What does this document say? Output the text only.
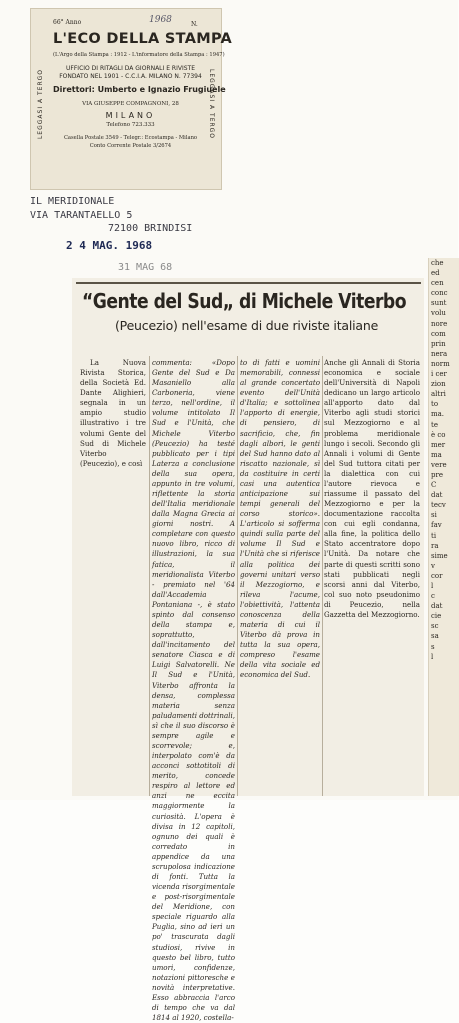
66° Anno	1968	N.
L'ECO DELLA STAMPA
(L'Argo della Stampa : 1912 - L'informatore della Stampa : 1947)
UFFICIO DI RITAGLI DA GIORNALI E RIVISTE
FONDATO NEL 1901 - C.C.I.A. MILANO N. 77394
Direttori: Umberto e Ignazio Frugiuele
VIA GIUSEPPE COMPAGNONI, 28
MILANO
Telefono 723.333
Casella Postale 3549 - Telegr.: Ecostampa - Milano
Conto Corrente Postale 3/2674
LEGGASI A TERGO	LEGGASI A TERGO
IL MERIDIONALE
VIA TARANTAELLO 5
72100 BRINDISI
2 4 MAG. 1968
31 MAG 68
“Gente del Sud„ di Michele Viterbo
(Peucezio) nell'esame di due riviste italiane

La Nuova Rivista Storica, della Società Ed. Dante Alighieri, segnala in un ampio studio illustrativo i tre volumi Gente del Sud di Michele Viterbo (Peucezio), e così

commenta: «Dopo Gente del Sud e Da Masaniello alla Carboneria, viene terzo, nell'ordine, il volume intitolato Il Sud e l'Unità, che Michele Viterbo (Peucezio) ha testé pubblicato per i tipi Laterza a conclusione della sua opera, appunto in tre volumi, riflettente la storia dell'Italia meridionale dalla Magna Grecia ai giorni nostri. A completare con questo nuovo libro, ricco di illustrazioni, la sua fatica, il meridionalista Viterbo - premiato nel '64 dall'Accademia Pontaniana -, è stato spinto dal consenso della stampa e, soprattutto, dall'incitamento del senatore Ciasca e di Luigi Salvatorelli. Ne Il Sud e l'Unità, Viterbo affronta la densa, complessa materia senza paludamenti dottrinali, sì che il suo discorso è sempre agile e scorrevole; e, interpolato com'è da acconci sottotitoli di merito, concede respiro al lettore ed anzi ne eccita maggiormente la curiosità. L'opera è divisa in 12 capitoli, ognuno dei quali è corredato in appendice da una scrupolosa indicazione di fonti. Tutta la vicenda risorgimentale e post-risorgimentale del Meridione, con speciale riguardo alla Puglia, sino ad ieri un po' trascurata dagli studiosi, rivive in questo bel libro, tutto umori, confidenze, notazioni pittoresche e novità interpretative. Esso abbraccia l'arco di tempo che va dal 1814 al 1920, costella-

to di fatti e uomini memorabili, connessi al grande concertato evento dell'Unità d'Italia; e sottolinea l'apporto di energie, di pensiero, di sacrificio, che, fin dagli albori, le genti del Sud hanno dato al riscatto nazionale, sì da costituire in certi casi una autentica anticipazione sui tempi generali del corso storico». L'articolo si sofferma quindi sulla parte del volume Il Sud e l'Unità che si riferisce alla politica dei governi unitari verso il Mezzogiorno, e rileva l'acume, l'obiettività, l'attenta conoscenza della materia di cui il Viterbo dà prova in tutta la sua opera, compreso l'esame della vita sociale ed economica del Sud.

Anche gli Annali di Storia economica e sociale dell'Università di Napoli dedicano un largo articolo all'apporto dato dal Viterbo agli studi storici sul Mezzogiorno e al problema meridionale lungo i secoli. Secondo gli Annali i volumi di Gente del Sud tuttora citati per la dialettica con cui l'autore rievoca e riassume il passato del Mezzogiorno e per la documentazione raccolta con cui egli condanna, alla fine, la politica dello Stato accentratore dopo l'Unità. Da notare che parte di questi scritti sono stati pubblicati negli scorsi anni dal Viterbo, col suo noto pseudonimo di Peucezio, nella Gazzetta del Mezzogiorno.

che
ed
cen
conc
sunt
volu
nore
com
prin
nera
norm
i cer
zion
altri
to
ma.
te
è co
mer
ma
vere
pre
C
dat
tecv
si
fav
ti
ra
sime
v
cor
l
c
dat
cie
sc
sa
s
l
